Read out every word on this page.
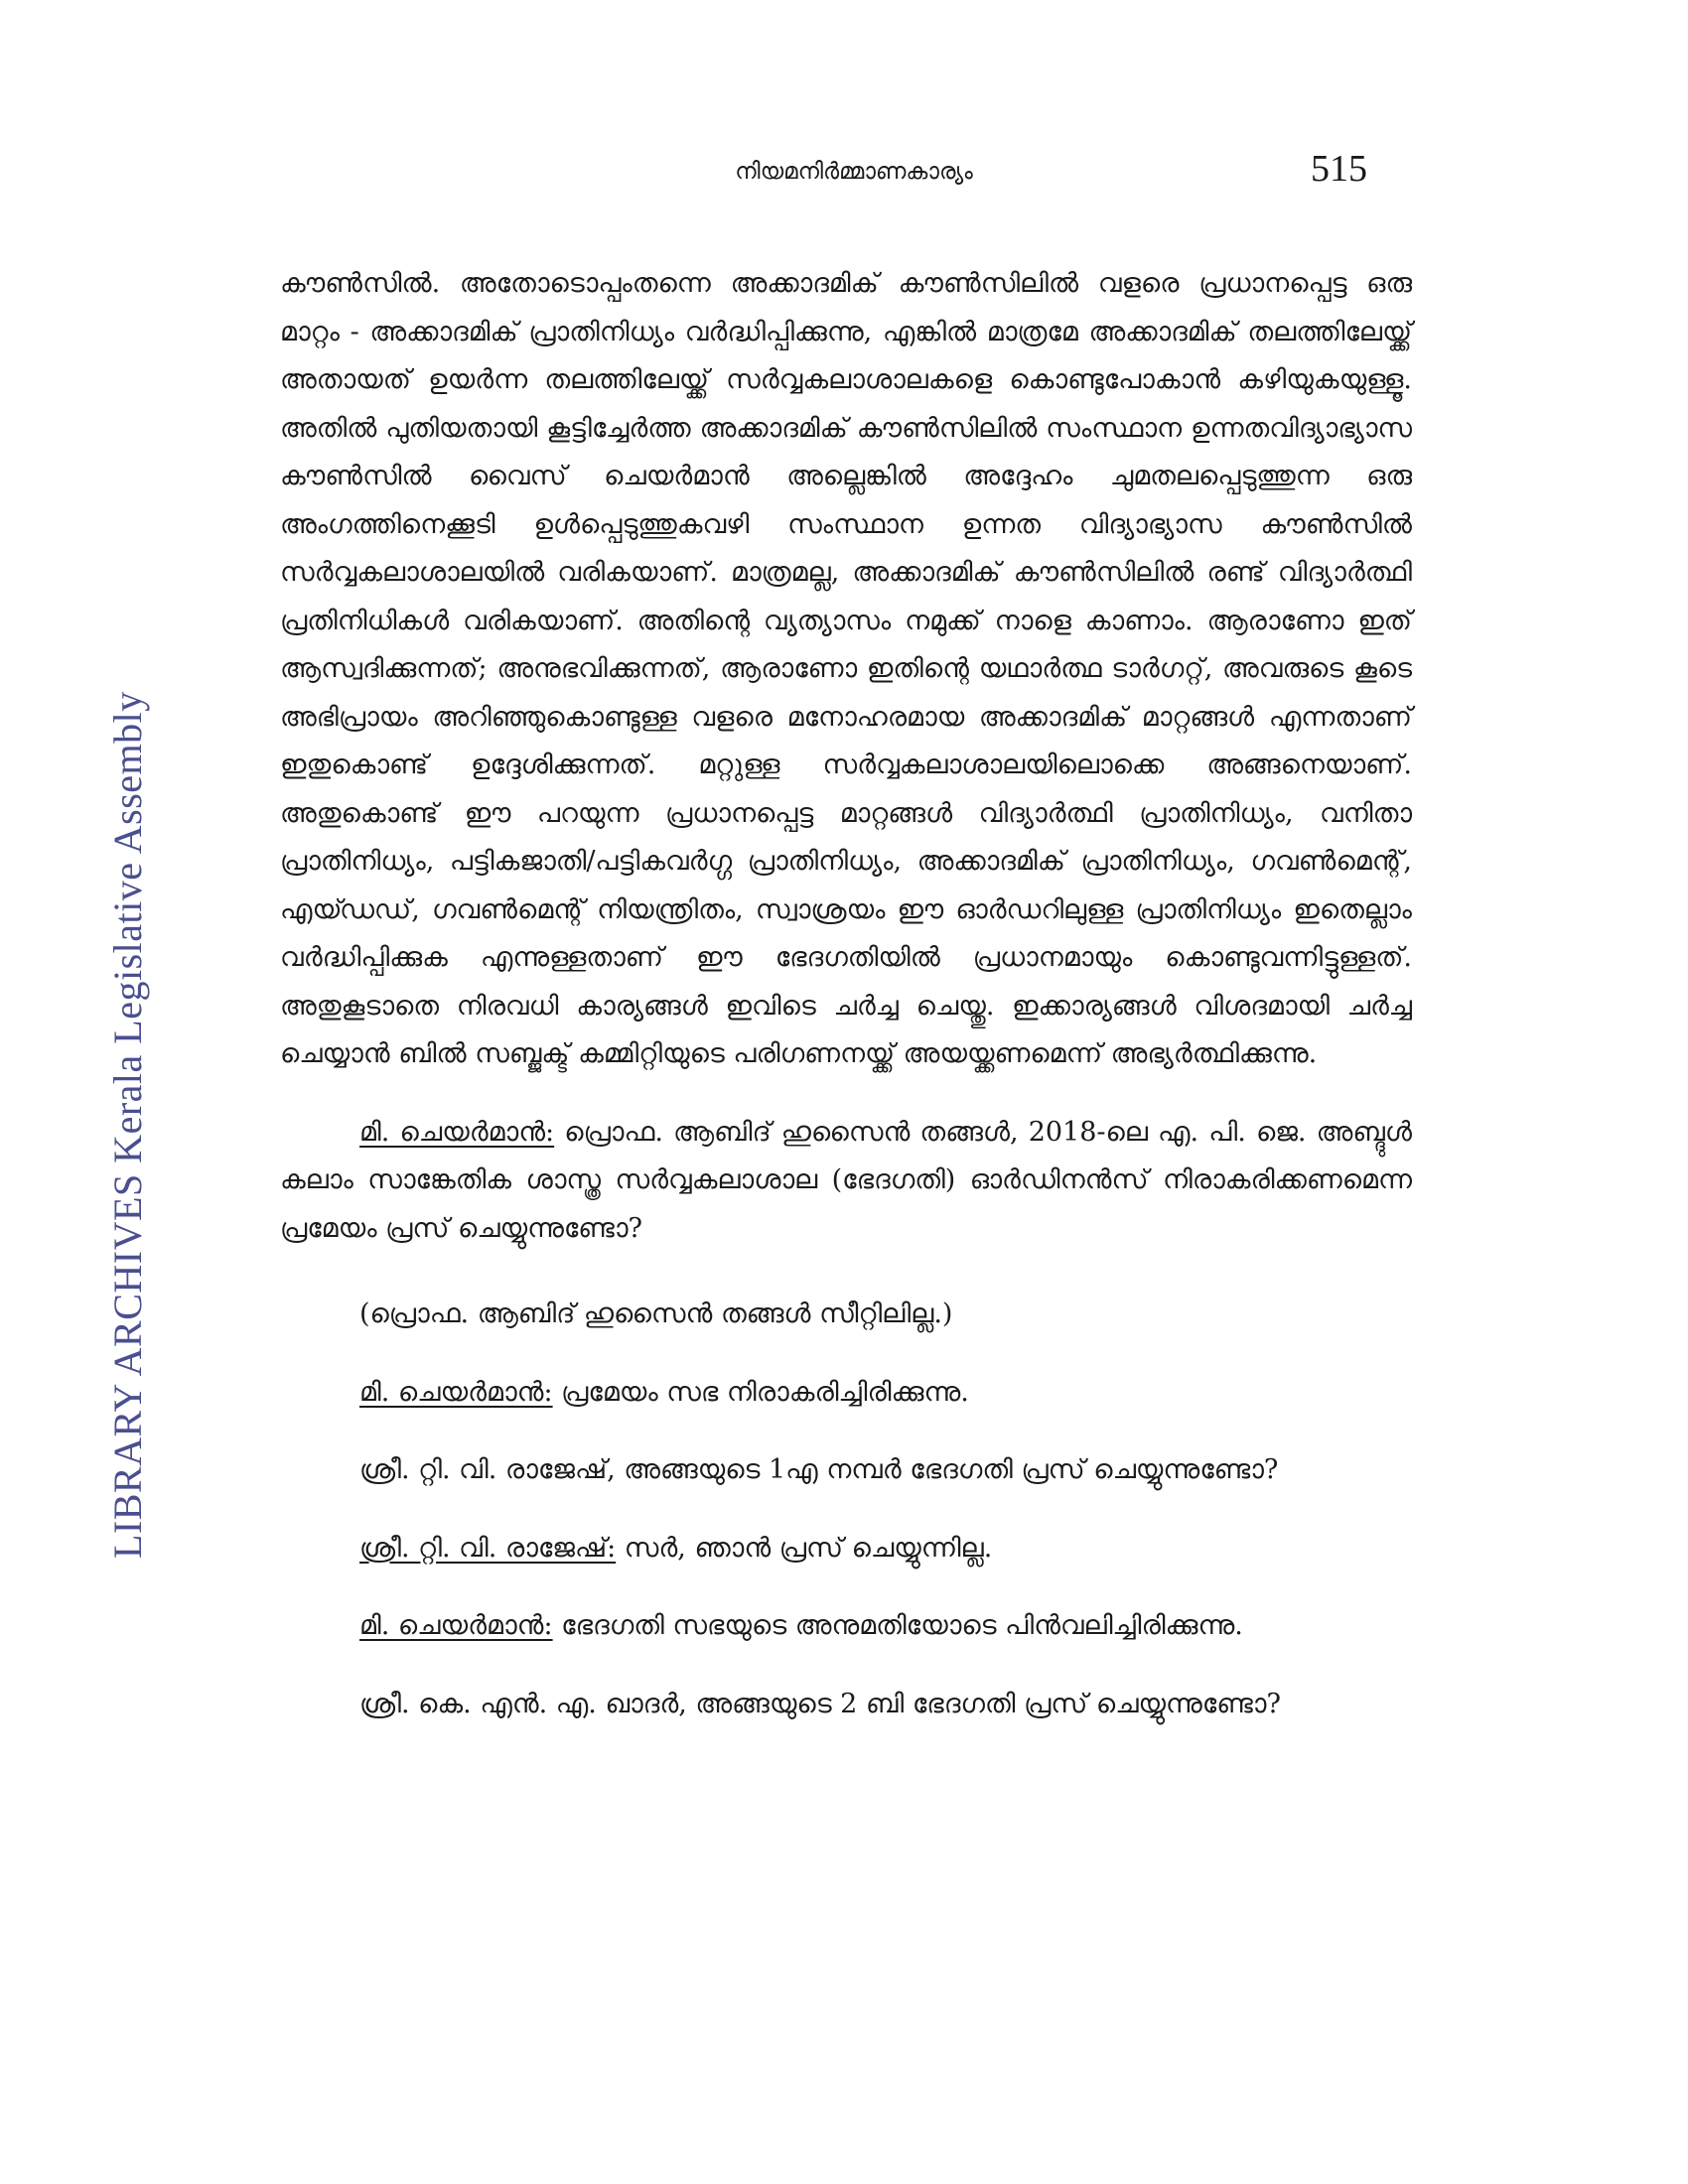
നിയമനിർമ്മാണകാര്യം	515
LIBRARY ARCHIVES Kerala Legislative Assembly

കൗൺസിൽ. അതോടൊപ്പംതന്നെ അക്കാദമിക് കൗൺസിലിൽ വളരെ പ്രധാനപ്പെട്ട ഒരു മാറ്റം - അക്കാദമിക് പ്രാതിനിധ്യം വർദ്ധിപ്പിക്കുന്നു, എങ്കിൽ മാത്രമേ അക്കാദമിക് തലത്തിലേയ്ക്ക് അതായത് ഉയർന്ന തലത്തിലേയ്ക്ക് സർവ്വകലാശാലകളെ കൊണ്ടുപോകാൻ കഴിയുകയുള്ളൂ. അതിൽ പുതിയതായി കൂട്ടിച്ചേർത്ത അക്കാദമിക് കൗൺസിലിൽ സംസ്ഥാന ഉന്നതവിദ്യാഭ്യാസ കൗൺസിൽ വൈസ് ചെയർമാൻ അല്ലെങ്കിൽ അദ്ദേഹം ചുമതലപ്പെടുത്തുന്ന ഒരു അംഗത്തിനെക്കൂടി ഉൾപ്പെടുത്തുകവഴി സംസ്ഥാന ഉന്നത വിദ്യാഭ്യാസ കൗൺസിൽ സർവ്വകലാശാലയിൽ വരികയാണ്. മാത്രമല്ല, അക്കാദമിക് കൗൺസിലിൽ രണ്ട് വിദ്യാർത്ഥി പ്രതിനിധികൾ വരികയാണ്. അതിന്റെ വ്യത്യാസം നമുക്ക് നാളെ കാണാം. ആരാണോ ഇത് ആസ്വദിക്കുന്നത്; അനുഭവിക്കുന്നത്, ആരാണോ ഇതിന്റെ യഥാർത്ഥ ടാർഗറ്റ്, അവരുടെ കൂടെ അഭിപ്രായം അറിഞ്ഞുകൊണ്ടുള്ള വളരെ മനോഹരമായ അക്കാദമിക് മാറ്റങ്ങൾ എന്നതാണ് ഇതുകൊണ്ട് ഉദ്ദേശിക്കുന്നത്. മറ്റുള്ള സർവ്വകലാശാലയിലൊക്കെ അങ്ങനെയാണ്. അതുകൊണ്ട് ഈ പറയുന്ന പ്രധാനപ്പെട്ട മാറ്റങ്ങൾ വിദ്യാർത്ഥി പ്രാതിനിധ്യം, വനിതാ പ്രാതിനിധ്യം, പട്ടികജാതി/പട്ടികവർഗ്ഗ പ്രാതിനിധ്യം, അക്കാദമിക് പ്രാതിനിധ്യം, ഗവൺമെന്റ്, എയ്ഡഡ്, ഗവൺമെന്റ് നിയന്ത്രിതം, സ്വാശ്രയം ഈ ഓർഡറിലുള്ള പ്രാതിനിധ്യം ഇതെല്ലാം വർദ്ധിപ്പിക്കുക എന്നുള്ളതാണ് ഈ ഭേദഗതിയിൽ പ്രധാനമായും കൊണ്ടുവന്നിട്ടുള്ളത്. അതുകൂടാതെ നിരവധി കാര്യങ്ങൾ ഇവിടെ ചർച്ച ചെയ്തു. ഇക്കാര്യങ്ങൾ വിശദമായി ചർച്ച ചെയ്യാൻ ബിൽ സബ്ജക്ട് കമ്മിറ്റിയുടെ പരിഗണനയ്ക്ക് അയയ്ക്കണമെന്ന് അഭ്യർത്ഥിക്കുന്നു.

മി. ചെയർമാൻ: പ്രൊഫ. ആബിദ് ഹുസൈൻ തങ്ങൾ, 2018-ലെ എ. പി. ജെ. അബ്ദുൾ കലാം സാങ്കേതിക ശാസ്ത്ര സർവ്വകലാശാല (ഭേദഗതി) ഓർഡിനൻസ് നിരാകരിക്കണമെന്ന പ്രമേയം പ്രസ് ചെയ്യുന്നുണ്ടോ?

(പ്രൊഫ. ആബിദ് ഹുസൈൻ തങ്ങൾ സീറ്റിലില്ല.)

മി. ചെയർമാൻ: പ്രമേയം സഭ നിരാകരിച്ചിരിക്കുന്നു.

ശ്രീ. റ്റി. വി. രാജേഷ്, അങ്ങയുടെ 1എ നമ്പർ ഭേദഗതി പ്രസ് ചെയ്യുന്നുണ്ടോ?

ശ്രീ. റ്റി. വി. രാജേഷ്: സർ, ഞാൻ പ്രസ് ചെയ്യുന്നില്ല.

മി. ചെയർമാൻ: ഭേദഗതി സഭയുടെ അനുമതിയോടെ പിൻവലിച്ചിരിക്കുന്നു.

ശ്രീ. കെ. എൻ. എ. ഖാദർ, അങ്ങയുടെ 2 ബി ഭേദഗതി പ്രസ് ചെയ്യുന്നുണ്ടോ?
